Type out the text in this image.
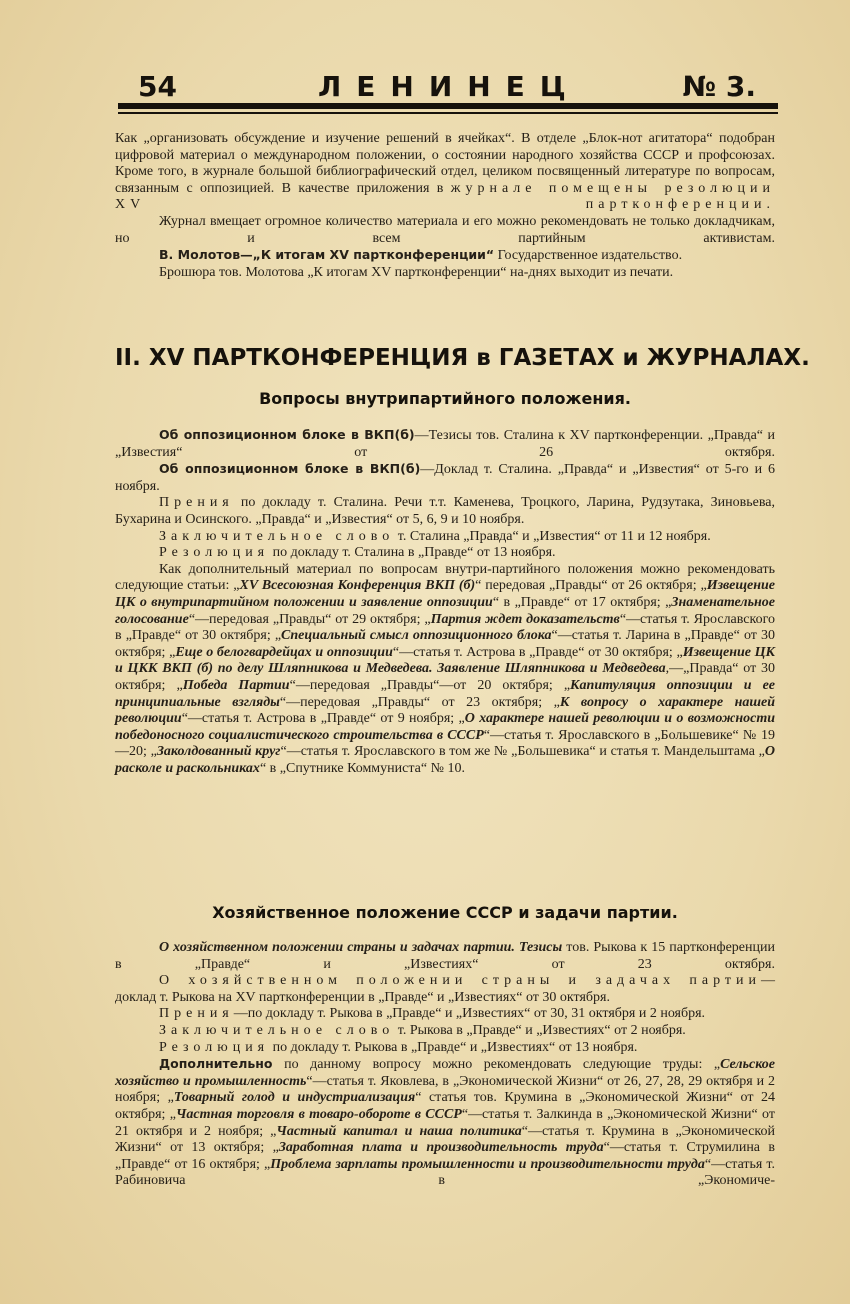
54	ЛЕНИНЕЦ	№ 3.

Как „организовать обсуждение и изучение решений в ячейках“. В отделе „Блок-нот агитатора“ подобран цифровой материал о международном положении, о состоянии народного хозяйства СССР и профсоюзах. Кроме того, в журнале большой библиографический отдел, целиком посвященный литературе по вопросам, связанным с оппозицией. В качестве приложения в журнале помещены резолюции XV партконференции.

Журнал вмещает огромное количество материала и его можно рекомендовать не только докладчикам, но и всем партийным активистам.

В. Молотов—„К итогам XV партконференции“ Государственное издательство.

Брошюра тов. Молотова „К итогам XV партконференции“ на-днях выходит из печати.

II. XV ПАРТКОНФЕРЕНЦИЯ в ГАЗЕТАХ и ЖУРНАЛАХ.
Вопросы внутрипартийного положения.

Об оппозиционном блоке в ВКП(б)—Тезисы тов. Сталина к XV партконференции. „Правда“ и „Известия“ от 26 октября.

Об оппозиционном блоке в ВКП(б)—Доклад т. Сталина. „Правда“ и „Известия“ от 5-го и 6 ноября.

Прения по докладу т. Сталина. Речи т.т. Каменева, Троцкого, Ларина, Рудзутака, Зиновьева, Бухарина и Осинского. „Правда“ и „Известия“ от 5, 6, 9 и 10 ноября.

Заключительное слово т. Сталина „Правда“ и „Известия“ от 11 и 12 ноября.

Резолюция по докладу т. Сталина в „Правде“ от 13 ноября.

Как дополнительный материал по вопросам внутри-партийного положения можно рекомендовать следующие статьи: „XV Всесоюзная Конференция ВКП (б)“ передовая „Правды“ от 26 октября; „Извещение ЦК о внутрипартийном положении и заявление оппозиции“ в „Правде“ от 17 октября; „Знаменательное голосование“—передовая „Правды“ от 29 октября; „Партия ждет доказательств“—статья т. Ярославского в „Правде“ от 30 октября; „Специальный смысл оппозиционного блока“—статья т. Ларина в „Правде“ от 30 октября; „Еще о белогвардейцах и оппозиции“—статья т. Астрова в „Правде“ от 30 октября; „Извещение ЦК и ЦКК ВКП (б) по делу Шляпникова и Медведева. Заявление Шляпникова и Медведева,—„Правда“ от 30 октября; „Победа Партии“—передовая „Правды“—от 20 октября; „Капитуляция оппозиции и ее принципиальные взгляды“—передовая „Правды“ от 23 октября; „К вопросу о характере нашей революции“—статья т. Астрова в „Правде“ от 9 ноября; „О характере нашей революции и о возможности победоносного социалистического строительства в СССР“—статья т. Ярославского в „Большевике“ № 19—20; „Заколдованный круг“—статья т. Ярославского в том же № „Большевика“ и статья т. Мандельштама „О расколе и раскольниках“ в „Спутнике Коммуниста“ № 10.

Хозяйственное положение СССР и задачи партии.

О хозяйственном положении страны и задачах партии. Тезисы тов. Рыкова к 15 партконференции в „Правде“ и „Известиях“ от 23 октября.

О хозяйственном положении страны и задачах партии—доклад т. Рыкова на XV партконференции в „Правде“ и „Известиях“ от 30 октября.

Прения—по докладу т. Рыкова в „Правде“ и „Известиях“ от 30, 31 октября и 2 ноября.

Заключительное слово т. Рыкова в „Правде“ и „Известиях“ от 2 ноября.

Резолюция по докладу т. Рыкова в „Правде“ и „Известиях“ от 13 ноября.

Дополнительно по данному вопросу можно рекомендовать следующие труды: „Сельское хозяйство и промышленность“—статья т. Яковлева, в „Экономической Жизни“ от 26, 27, 28, 29 октября и 2 ноября; „Товарный голод и индустриализация“ статья тов. Крумина в „Экономической Жизни“ от 24 октября; „Частная торговля в товаро-обороте в СССР“—статья т. Залкинда в „Экономической Жизни“ от 21 октября и 2 ноября; „Частный капитал и наша политика“—статья т. Крумина в „Экономической Жизни“ от 13 октября; „Заработная плата и производительность труда“—статья т. Струмилина в „Правде“ от 16 октября; „Проблема зарплаты промышленности и производительности труда“—статья т. Рабиновича в „Экономиче-
